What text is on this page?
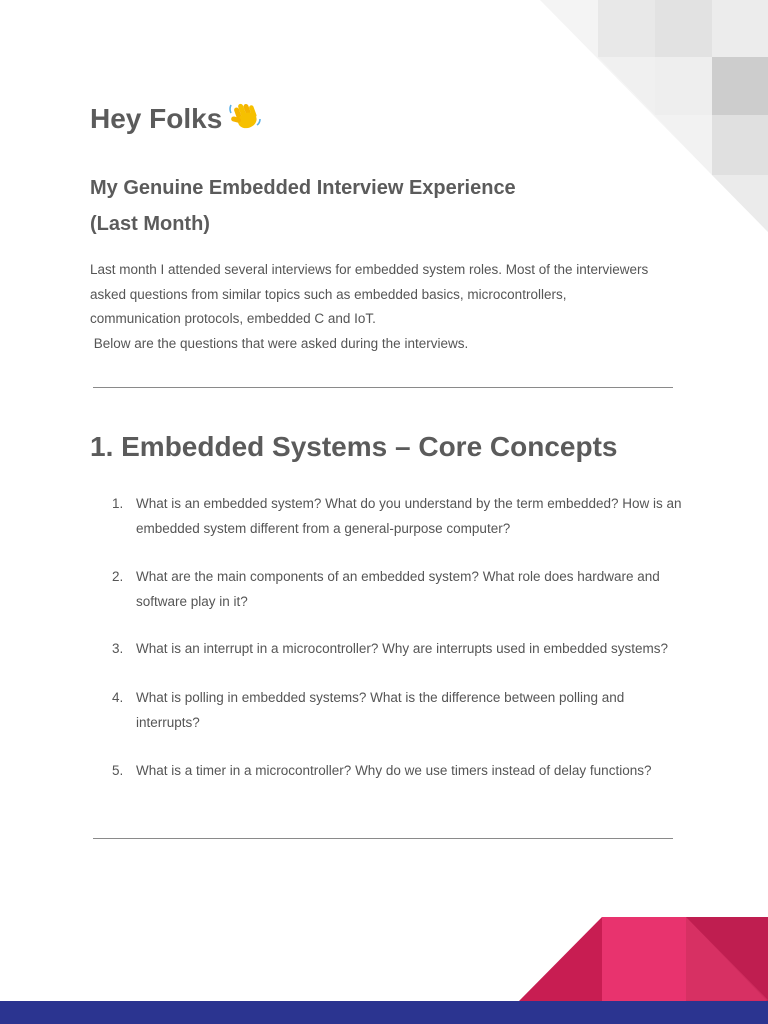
Hey Folks
My Genuine Embedded Interview Experience
(Last Month)

Last month I attended several interviews for embedded system roles. Most of the interviewers
asked questions from similar topics such as embedded basics, microcontrollers,
communication protocols, embedded C and IoT.
Below are the questions that were asked during the interviews.

1. Embedded Systems – Core Concepts
1. What is an embedded system? What do you understand by the term embedded? How is an embedded system different from a general-purpose computer?
2. What are the main components of an embedded system? What role does hardware and software play in it?
3. What is an interrupt in a microcontroller? Why are interrupts used in embedded systems?
4. What is polling in embedded systems? What is the difference between polling and interrupts?
5. What is a timer in a microcontroller? Why do we use timers instead of delay functions?
